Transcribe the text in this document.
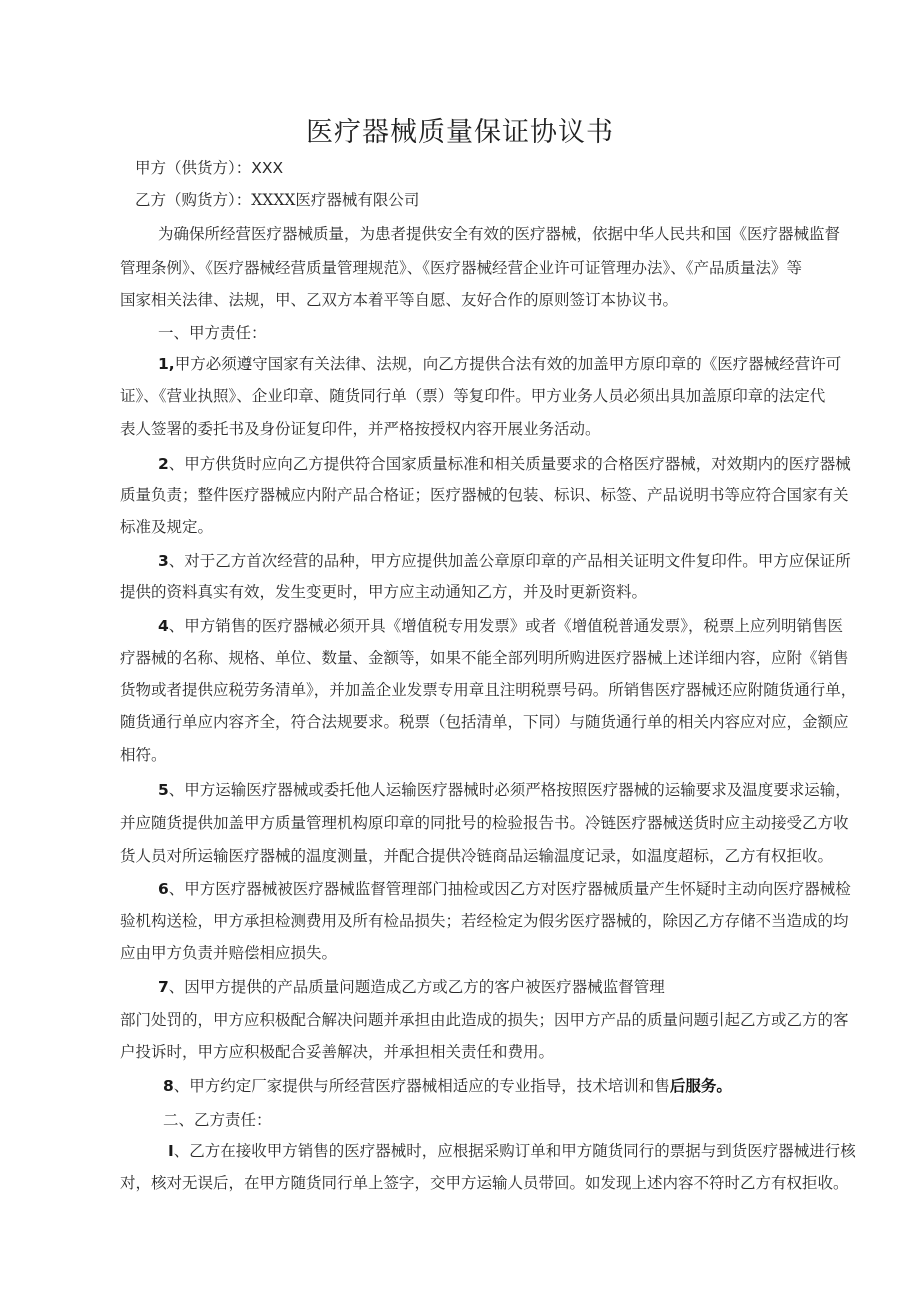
医疗器械质量保证协议书
甲方（供货方）：XXX
乙方（购货方）：XXXX医疗器械有限公司
为确保所经营医疗器械质量，为患者提供安全有效的医疗器械，依据中华人民共和国《医疗器械监督
管理条例》、《医疗器械经营质量管理规范》、《医疗器械经营企业许可证管理办法》、《产品质量法》等
国家相关法律、法规，甲、乙双方本着平等自愿、友好合作的原则签订本协议书。
一、甲方责任：
1,甲方必须遵守国家有关法律、法规，向乙方提供合法有效的加盖甲方原印章的《医疗器械经营许可
证》、《营业执照》、企业印章、随货同行单（票）等复印件。甲方业务人员必须出具加盖原印章的法定代
表人签署的委托书及身份证复印件，并严格按授权内容开展业务活动。
2、甲方供货时应向乙方提供符合国家质量标准和相关质量要求的合格医疗器械，对效期内的医疗器械
质量负责；整件医疗器械应内附产品合格证；医疗器械的包装、标识、标签、产品说明书等应符合国家有关
标准及规定。
3、对于乙方首次经营的品种，甲方应提供加盖公章原印章的产品相关证明文件复印件。甲方应保证所
提供的资料真实有效，发生变更时，甲方应主动通知乙方，并及时更新资料。
4、甲方销售的医疗器械必须开具《增值税专用发票》或者《增值税普通发票》，税票上应列明销售医
疗器械的名称、规格、单位、数量、金额等，如果不能全部列明所购进医疗器械上述详细内容，应附《销售
货物或者提供应税劳务清单》，并加盖企业发票专用章且注明税票号码。所销售医疗器械还应附随货通行单，
随货通行单应内容齐全，符合法规要求。税票（包括清单，下同）与随货通行单的相关内容应对应，金额应
相符。
5、甲方运输医疗器械或委托他人运输医疗器械时必须严格按照医疗器械的运输要求及温度要求运输，
并应随货提供加盖甲方质量管理机构原印章的同批号的检验报告书。冷链医疗器械送货时应主动接受乙方收
货人员对所运输医疗器械的温度测量，并配合提供冷链商品运输温度记录，如温度超标，乙方有权拒收。
6、甲方医疗器械被医疗器械监督管理部门抽检或因乙方对医疗器械质量产生怀疑时主动向医疗器械检
验机构送检，甲方承担检测费用及所有检品损失；若经检定为假劣医疗器械的，除因乙方存储不当造成的均
应由甲方负责并赔偿相应损失。
7、因甲方提供的产品质量问题造成乙方或乙方的客户被医疗器械监督管理
部门处罚的，甲方应积极配合解决问题并承担由此造成的损失；因甲方产品的质量问题引起乙方或乙方的客
户投诉时，甲方应积极配合妥善解决，并承担相关责任和费用。
8、甲方约定厂家提供与所经营医疗器械相适应的专业指导，技术培训和售后服务。
二、乙方责任：
I、乙方在接收甲方销售的医疗器械时，应根据采购订单和甲方随货同行的票据与到货医疗器械进行核
对，核对无误后，在甲方随货同行单上签字，交甲方运输人员带回。如发现上述内容不符时乙方有权拒收。
